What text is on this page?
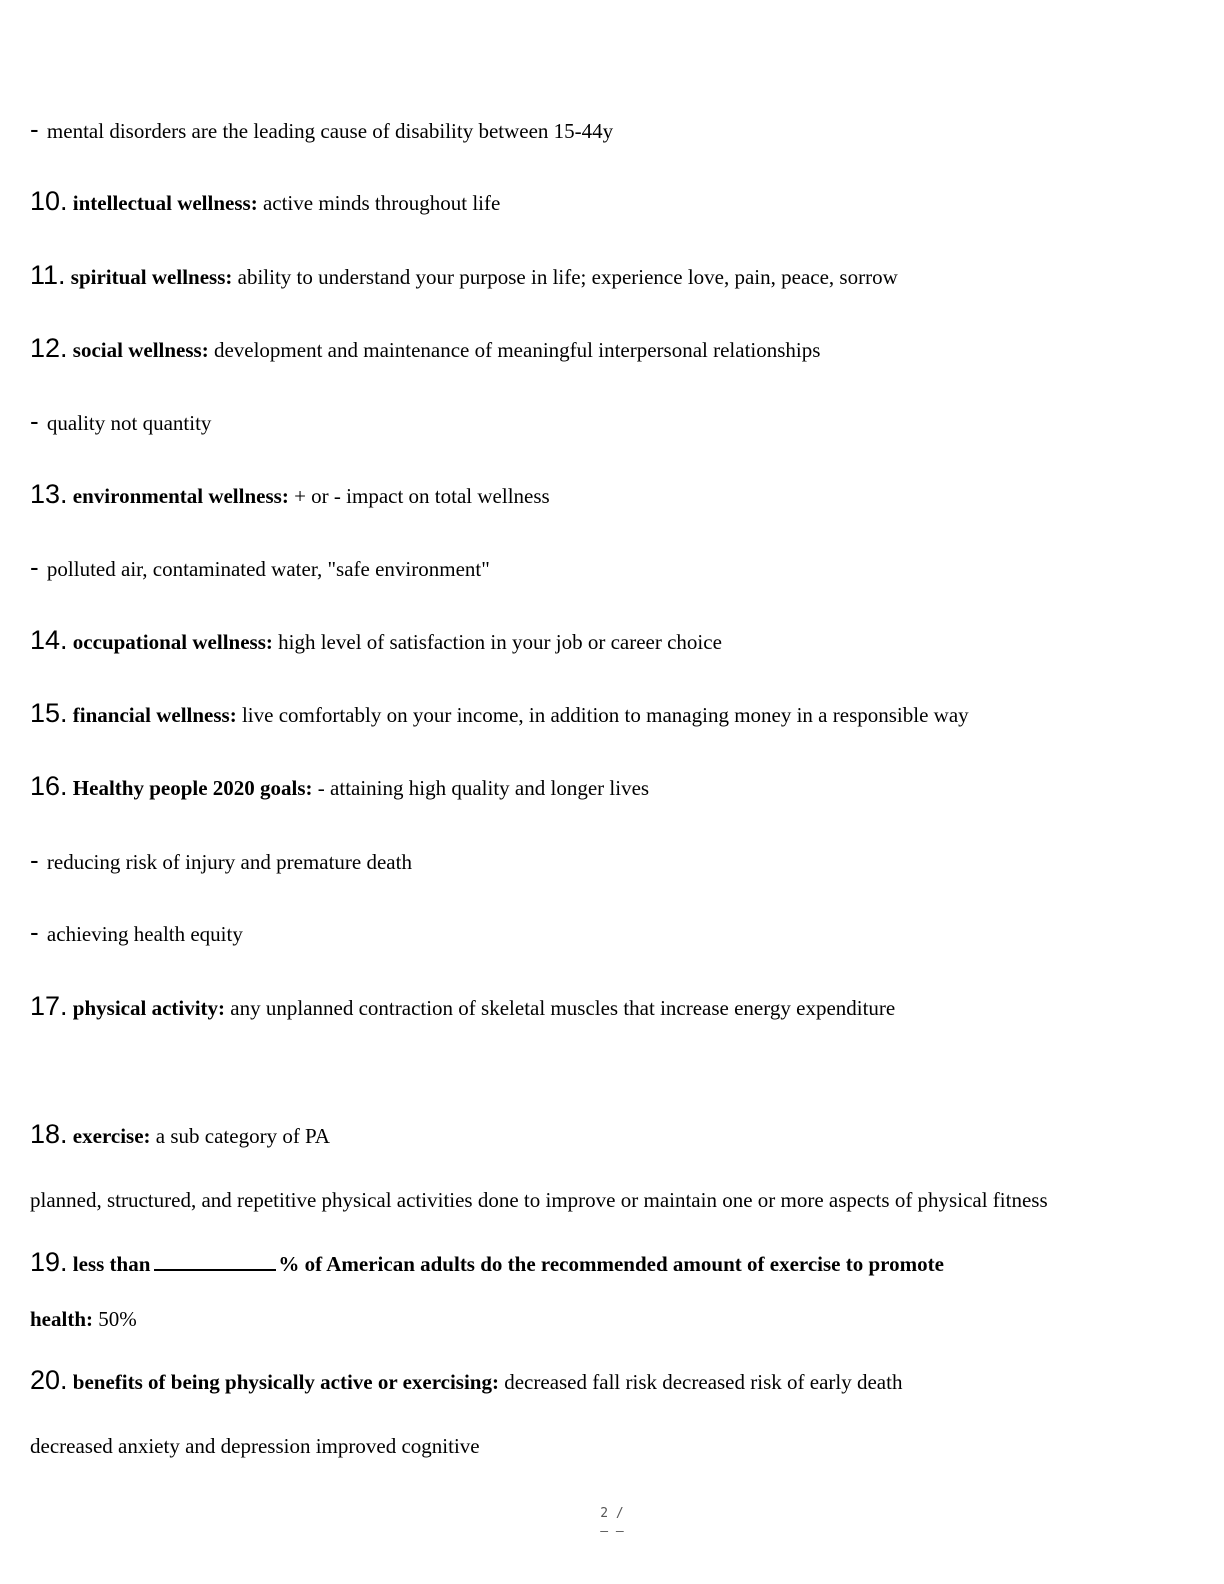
- mental disorders are the leading cause of disability between 15-44y
10. intellectual wellness: active minds throughout life
11. spiritual wellness: ability to understand your purpose in life; experience love, pain, peace, sorrow
12. social wellness: development and maintenance of meaningful interpersonal relationships
- quality not quantity
13. environmental wellness: + or - impact on total wellness
- polluted air, contaminated water, "safe environment"
14. occupational wellness: high level of satisfaction in your job or career choice
15. financial wellness: live comfortably on your income, in addition to managing money in a responsible way
16. Healthy people 2020 goals: - attaining high quality and longer lives
- reducing risk of injury and premature death
- achieving health equity
17. physical activity: any unplanned contraction of skeletal muscles that increase energy expenditure
18. exercise: a sub category of PA
planned, structured, and repetitive physical activities done to improve or maintain one or more aspects of physical fitness
19. less than	% of American adults do the recommended amount of exercise to promote
health: 50%
20. benefits of being physically active or exercising: decreased fall risk decreased risk of early death
decreased anxiety and depression improved cognitive
2 /
– –
